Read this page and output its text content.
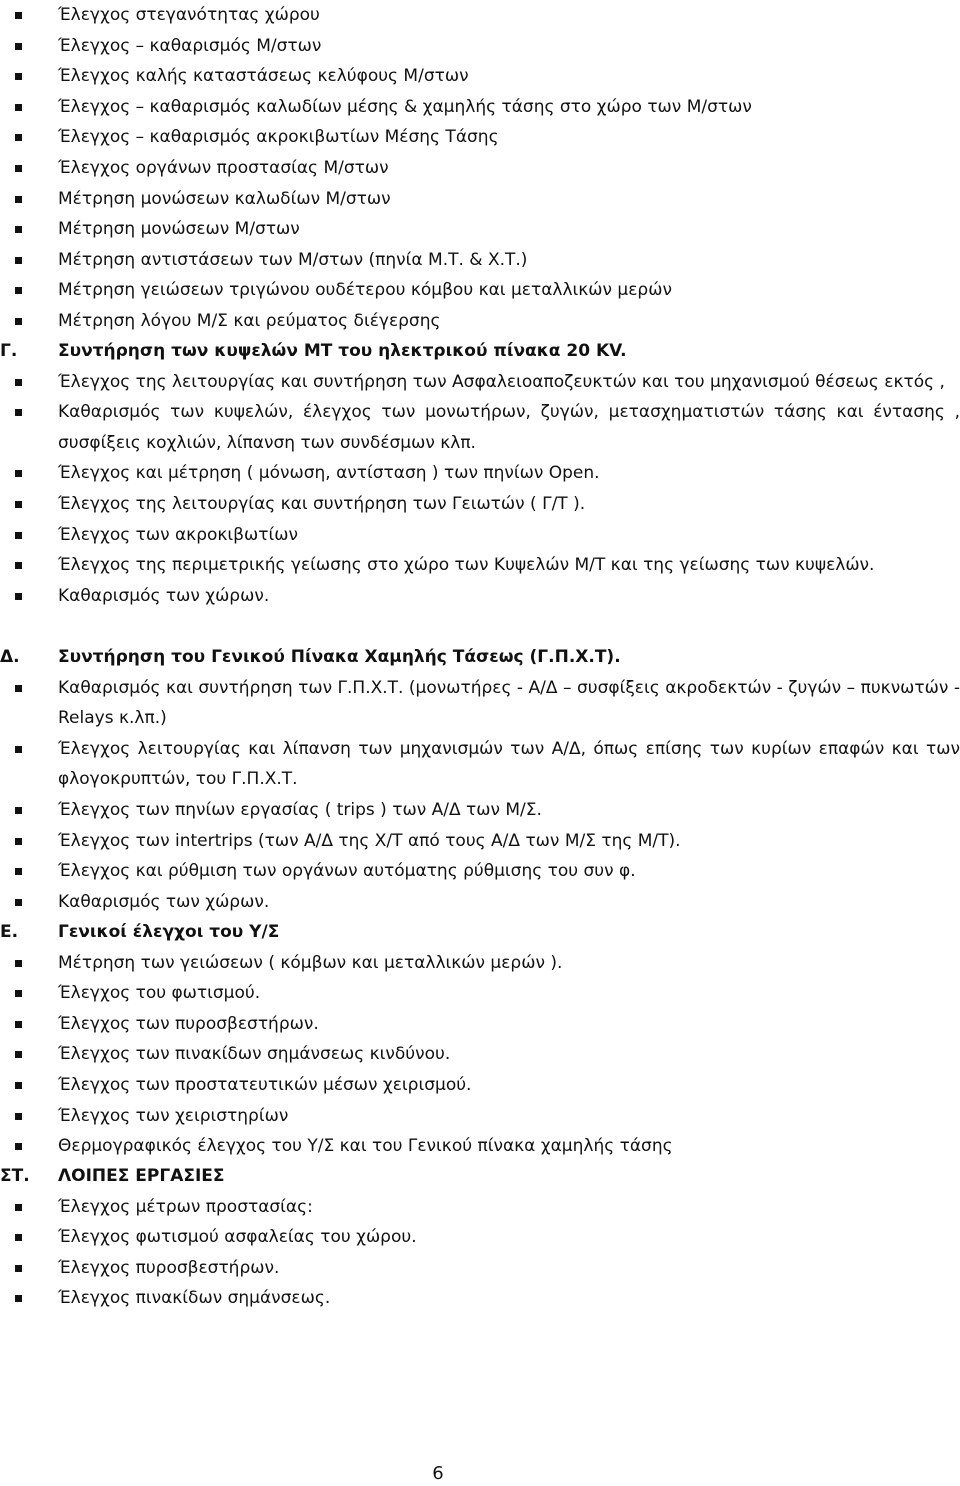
Έλεγχος στεγανότητας χώρου
Έλεγχος – καθαρισμός Μ/στων
Έλεγχος καλής καταστάσεως κελύφους Μ/στων
Έλεγχος – καθαρισμός καλωδίων μέσης & χαμηλής τάσης στο χώρο των Μ/στων
Έλεγχος – καθαρισμός ακροκιβωτίων Μέσης Τάσης
Έλεγχος οργάνων προστασίας Μ/στων
Μέτρηση μονώσεων καλωδίων Μ/στων
Μέτρηση μονώσεων Μ/στων
Μέτρηση αντιστάσεων των Μ/στων (πηνία Μ.Τ. & Χ.Τ.)
Μέτρηση γειώσεων τριγώνου ουδέτερου κόμβου και μεταλλικών μερών
Μέτρηση λόγου Μ/Σ και ρεύματος διέγερσης
Γ. Συντήρηση των κυψελών ΜΤ του ηλεκτρικού πίνακα 20 KV.
Έλεγχος της λειτουργίας και συντήρηση των Ασφαλειοαποζευκτών και του μηχανισμού θέσεως εκτός ,
Καθαρισμός των κυψελών, έλεγχος των μονωτήρων, ζυγών, μετασχηματιστών τάσης και έντασης , συσφίξεις κοχλιών, λίπανση των συνδέσμων κλπ.
Έλεγχος και μέτρηση ( μόνωση, αντίσταση ) των πηνίων Open.
Έλεγχος της λειτουργίας και συντήρηση των Γειωτών ( Γ/Τ ).
Έλεγχος των ακροκιβωτίων
Έλεγχος της περιμετρικής γείωσης στο χώρο των Κυψελών Μ/Τ και της γείωσης των κυψελών.
Καθαρισμός των χώρων.
Δ. Συντήρηση του Γενικού Πίνακα Χαμηλής Τάσεως (Γ.Π.Χ.Τ).
Καθαρισμός και συντήρηση των Γ.Π.Χ.Τ. (μονωτήρες - Α/Δ – συσφίξεις ακροδεκτών - ζυγών – πυκνωτών - Relays κ.λπ.)
Έλεγχος λειτουργίας και λίπανση των μηχανισμών των Α/Δ, όπως επίσης των κυρίων επαφών και των φλογοκρυπτών, του Γ.Π.Χ.Τ.
Έλεγχος των πηνίων εργασίας ( trips ) των Α/Δ των Μ/Σ.
Έλεγχος των intertrips (των Α/Δ της Χ/Τ από τους Α/Δ των Μ/Σ της Μ/Τ).
Έλεγχος και ρύθμιση των οργάνων αυτόματης ρύθμισης του συν φ.
Καθαρισμός των χώρων.
Ε. Γενικοί έλεγχοι του Υ/Σ
Μέτρηση των γειώσεων ( κόμβων και μεταλλικών μερών ).
Έλεγχος του φωτισμού.
Έλεγχος των πυροσβεστήρων.
Έλεγχος των πινακίδων σημάνσεως κινδύνου.
Έλεγχος των προστατευτικών μέσων χειρισμού.
Έλεγχος των χειριστηρίων
Θερμογραφικός έλεγχος του Υ/Σ και του Γενικού πίνακα χαμηλής τάσης
ΣΤ. ΛΟΙΠΕΣ ΕΡΓΑΣΙΕΣ
Έλεγχος μέτρων προστασίας:
Έλεγχος φωτισμού ασφαλείας του χώρου.
Έλεγχος πυροσβεστήρων.
Έλεγχος πινακίδων σημάνσεως.
6
